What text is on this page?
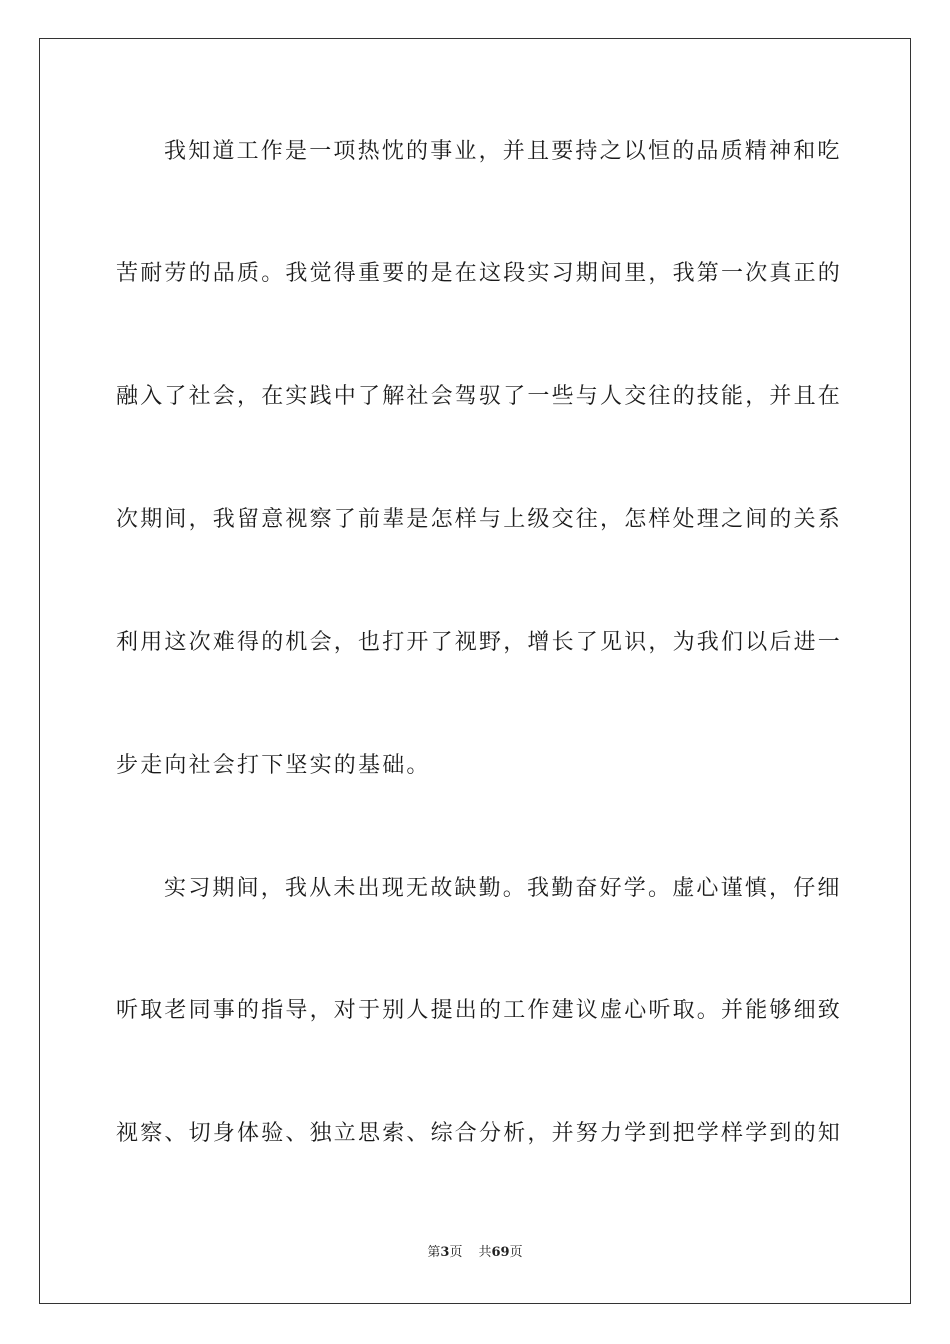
我知道工作是一项热忱的事业，并且要持之以恒的品质精神和吃
苦耐劳的品质。我觉得重要的是在这段实习期间里，我第一次真正的
融入了社会，在实践中了解社会驾驭了一些与人交往的技能，并且在
次期间，我留意视察了前辈是怎样与上级交往，怎样处理之间的关系
利用这次难得的机会，也打开了视野，增长了见识，为我们以后进一
步走向社会打下坚实的基础。
实习期间，我从未出现无故缺勤。我勤奋好学。虚心谨慎，仔细
听取老同事的指导，对于别人提出的工作建议虚心听取。并能够细致
视察、切身体验、独立思索、综合分析，并努力学到把学样学到的知
第3页 共69页
